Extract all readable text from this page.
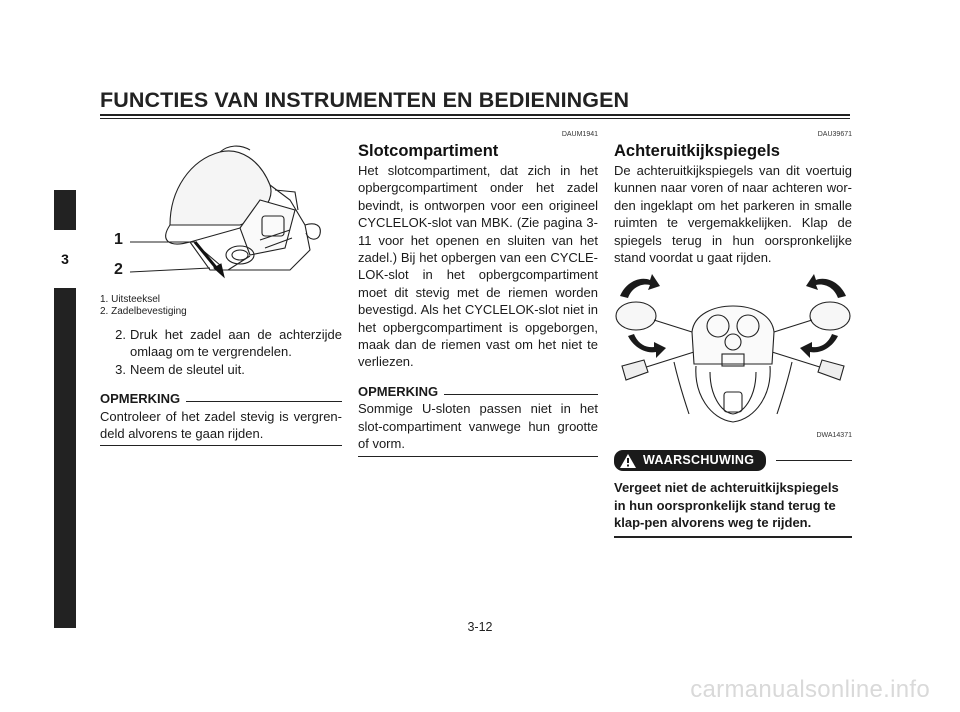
FUNCTIES VAN INSTRUMENTEN EN BEDIENINGEN
3
1
2
1. Uitsteeksel
2. Zadelbevestiging
2. Druk het zadel aan de achterzijde omlaag om te vergrendelen.
3. Neem de sleutel uit.
OPMERKING

Controleer of het zadel stevig is vergren-deld alvorens te gaan rijden.

DAUM1941
Slotcompartiment

Het slotcompartiment, dat zich in het opbergcompartiment onder het zadel bevindt, is ontworpen voor een origineel CYCLELOK-slot van MBK. (Zie pagina 3-11 voor het openen en sluiten van het zadel.) Bij het opbergen van een CYCLE-LOK-slot in het opbergcompartiment moet dit stevig met de riemen worden bevestigd. Als het CYCLELOK-slot niet in het opbergcompartiment is opgeborgen, maak dan de riemen vast om het niet te verliezen.

OPMERKING

Sommige U-sloten passen niet in het slot-compartiment vanwege hun grootte of vorm.

DAU39671
Achteruitkijkspiegels

De achteruitkijkspiegels van dit voertuig kunnen naar voren of naar achteren wor-den ingeklapt om het parkeren in smalle ruimten te vergemakkelijken. Klap de spiegels terug in hun oorspronkelijke stand voordat u gaat rijden.

DWA14371
WAARSCHUWING
Vergeet niet de achteruitkijkspiegels in hun oorspronkelijk stand terug te klap-pen alvorens weg te rijden.
3-12
carmanualsonline.info
